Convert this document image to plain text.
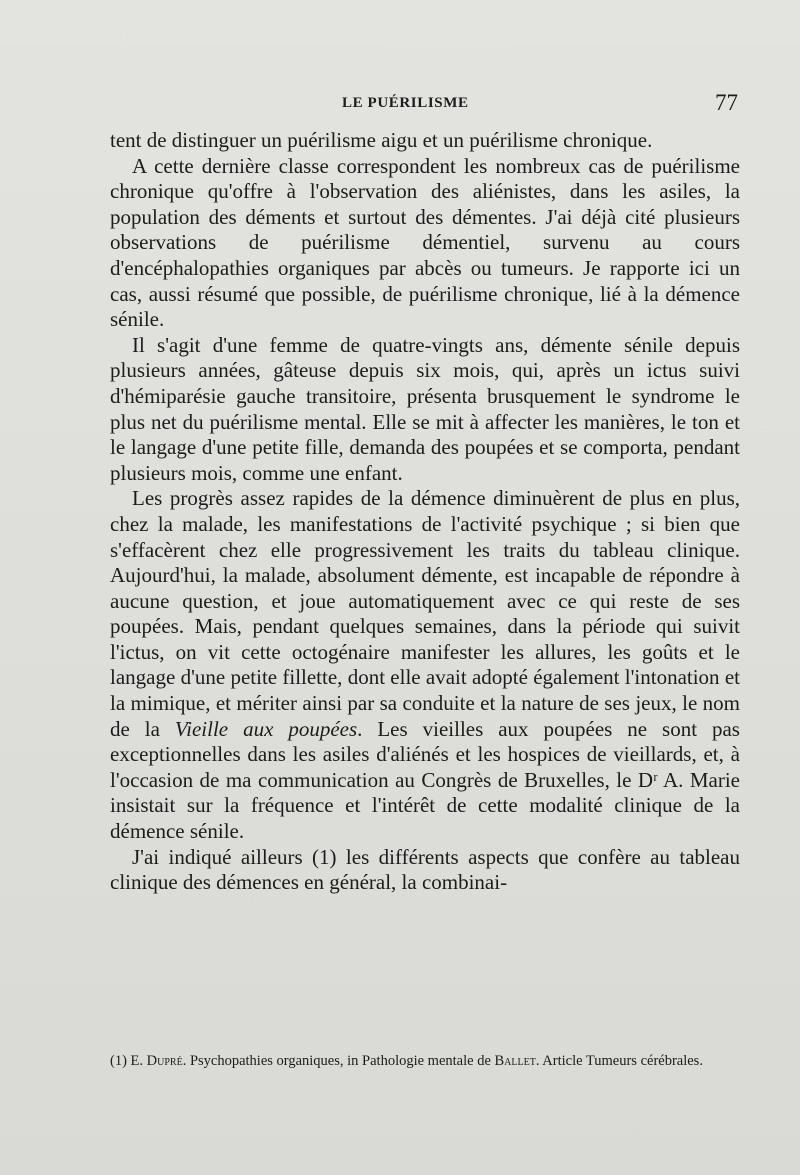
LE PUÉRILISME	77

tent de distinguer un puérilisme aigu et un puérilisme chronique.

A cette dernière classe correspondent les nombreux cas de puérilisme chronique qu'offre à l'observation des aliénistes, dans les asiles, la population des déments et surtout des démentes. J'ai déjà cité plusieurs observations de puérilisme démentiel, survenu au cours d'encéphalopathies organiques par abcès ou tumeurs. Je rapporte ici un cas, aussi résumé que possible, de puérilisme chronique, lié à la démence sénile.

Il s'agit d'une femme de quatre-vingts ans, démente sénile depuis plusieurs années, gâteuse depuis six mois, qui, après un ictus suivi d'hémiparésie gauche transitoire, présenta brusquement le syndrome le plus net du puérilisme mental. Elle se mit à affecter les manières, le ton et le langage d'une petite fille, demanda des poupées et se comporta, pendant plusieurs mois, comme une enfant.

Les progrès assez rapides de la démence diminuèrent de plus en plus, chez la malade, les manifestations de l'activité psychique ; si bien que s'effacèrent chez elle progressivement les traits du tableau clinique. Aujourd'hui, la malade, absolument démente, est incapable de répondre à aucune question, et joue automatiquement avec ce qui reste de ses poupées. Mais, pendant quelques semaines, dans la période qui suivit l'ictus, on vit cette octogénaire manifester les allures, les goûts et le langage d'une petite fillette, dont elle avait adopté également l'intonation et la mimique, et mériter ainsi par sa conduite et la nature de ses jeux, le nom de la Vieille aux poupées. Les vieilles aux poupées ne sont pas exceptionnelles dans les asiles d'aliénés et les hospices de vieillards, et, à l'occasion de ma communication au Congrès de Bruxelles, le Dʳ A. Marie insistait sur la fréquence et l'intérêt de cette modalité clinique de la démence sénile.

J'ai indiqué ailleurs (1) les différents aspects que confère au tableau clinique des démences en général, la combinai-

(1) E. Dupré. Psychopathies organiques, in Pathologie mentale de Ballet. Article Tumeurs cérébrales.
